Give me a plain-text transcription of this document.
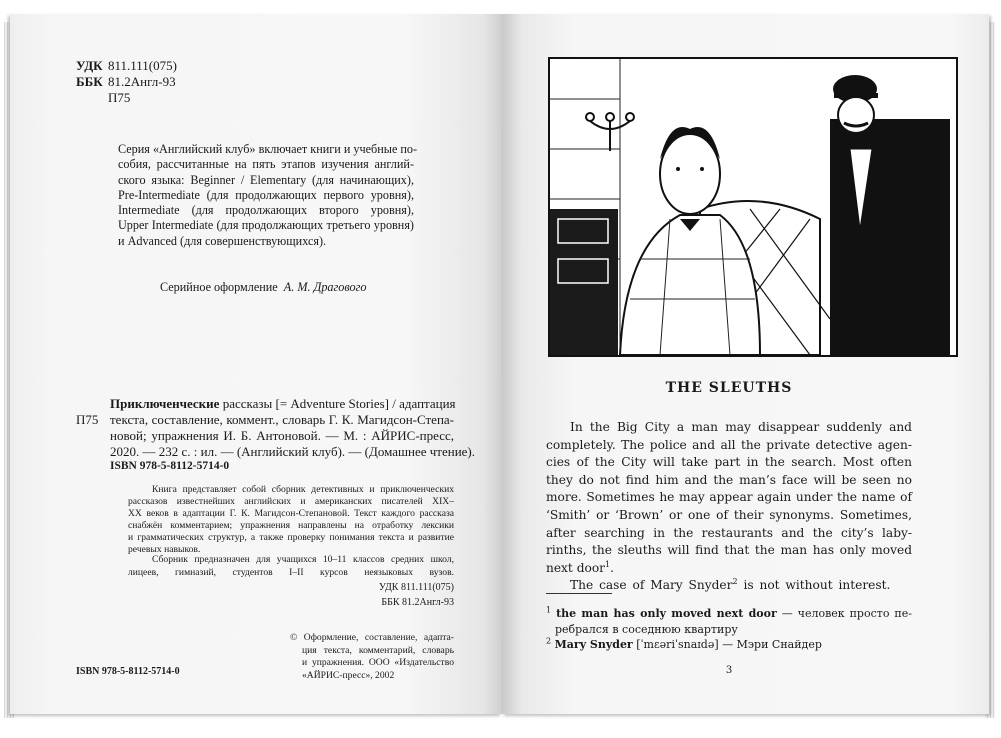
УДК 811.111(075)
ББК 81.2Англ-93
П75
Серия «Английский клуб» включает книги и учебные по-
собия, рассчитанные на пять этапов изучения англий-
ского языка: Beginner / Elementary (для начинающих),
Pre-Intermediate (для продолжающих первого уровня),
Intermediate (для продолжающих второго уровня),
Upper Intermediate (для продолжающих третьего уровня)
и Advanced (для совершенствующихся).
Серийное оформление А. М. Драгового
П75
Приключенческие рассказы [= Adventure Stories] / адаптация
текста, составление, коммент., словарь Г. К. Магидсон-Степа-
новой; упражнения И. Б. Антоновой. — М. : АЙРИС-пресс,
2020. — 232 с. : ил. — (Английский клуб). — (Домашнее чтение).
ISBN 978-5-8112-5714-0
Книга представляет собой сборник детективных и приключенческих
рассказов известнейших английских и американских писателей XIX–
XX веков в адаптации Г. К. Магидсон-Степановой. Текст каждого рассказа
снабжён комментарием; упражнения направлены на отработку лексики
и грамматических структур, а также проверку понимания текста и развитие
речевых навыков.
Сборник предназначен для учащихся 10–11 классов средних школ,
лицеев, гимназий, студентов I–II курсов неязыковых вузов.
УДК 811.111(075)
ББК 81.2Англ-93
© Оформление, составление, адапта-
ция текста, комментарий, словарь
и упражнения. ООО «Издательство
«АЙРИС-пресс», 2002
ISBN 978-5-8112-5714-0
THE SLEUTHS
In the Big City a man may disappear suddenly and
completely. The police and all the private detective agen-
cies of the City will take part in the search. Most often
they do not find him and the man’s face will be seen no
more. Sometimes he may appear again under the name of
‘Smith’ or ‘Brown’ or one of their synonyms. Sometimes,
after searching in the restaurants and the city’s laby-
rinths, the sleuths will find that the man has only moved
next door$^1$.
The case of Mary Snyder$^2$ is not without interest.
$^1$ the man has only moved next door — человек просто пе-
ребрался в соседнюю квартиру
$^2$ Mary Snyder [ˈmɛəriˈsnaɪdə] — Мэри Снайдер
3
